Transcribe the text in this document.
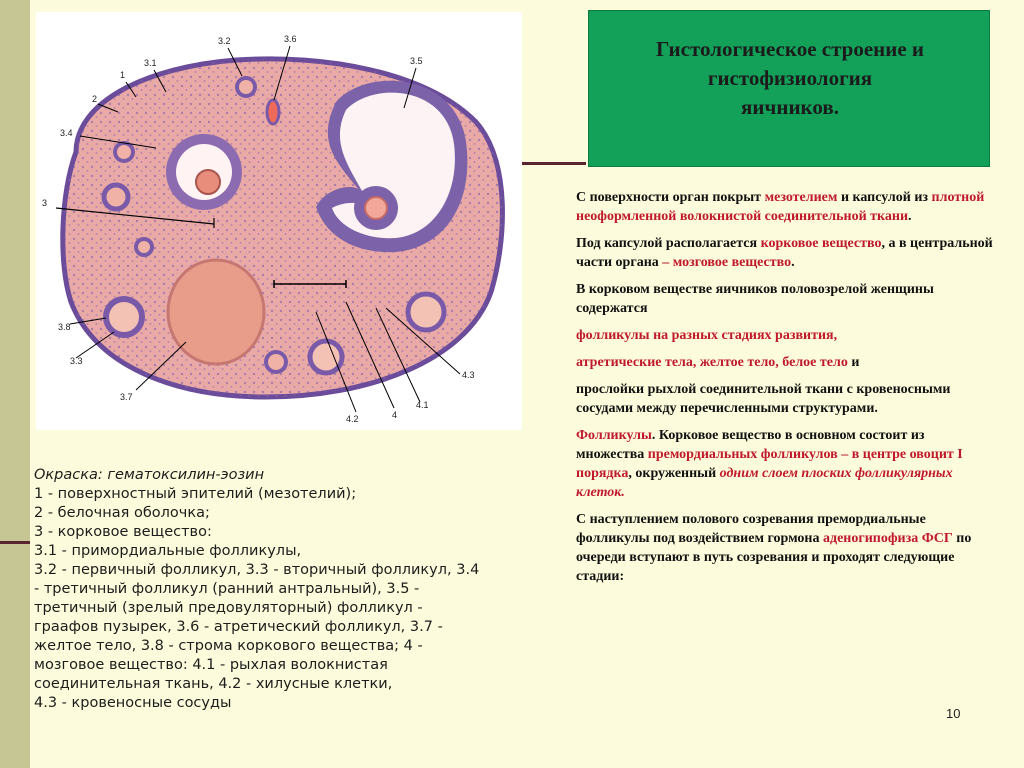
1
2
3.1
3.2	3.6
3.5
3.4
3
3.8
3.3
3.7
4.2	4
4.1
4.3
Гистологическое строение и
гистофизиология
яичников.

С поверхности орган покрыт мезотелием и капсулой из плотной неоформленной волокнистой соединительной ткани.

Под капсулой располагается корковое вещество, а в центральной части органа – мозговое вещество.

В корковом веществе яичников половозрелой женщины содержатся

фолликулы на разных стадиях развития,

атретические тела, желтое тело, белое тело и

прослойки рыхлой соединительной ткани с кровеносными сосудами между перечисленными структурами.

Фолликулы. Корковое вещество в основном состоит из множества премордиальных фолликулов – в центре овоцит I порядка, окруженный одним слоем плоских фолликулярных клеток.

С наступлением полового созревания премордиальные фолликулы под воздействием гормона аденогипофиза ФСГ по очереди вступают в путь созревания и проходят следующие стадии:

Окраска: гематоксилин-эозин
1 - поверхностный эпителий (мезотелий);
2 - белочная оболочка;
3 - корковое вещество:
3.1 - примордиальные фолликулы,
3.2 - первичный фолликул, 3.3 - вторичный фолликул, 3.4
- третичный фолликул (ранний антральный), 3.5 -
третичный (зрелый предовуляторный) фолликул -
граафов пузырек, 3.6 - атретический фолликул, 3.7 -
желтое тело, 3.8 - строма коркового вещества; 4 -
мозговое вещество: 4.1 - рыхлая волокнистая
соединительная ткань, 4.2 - хилусные клетки,
4.3 - кровеносные сосуды
10
